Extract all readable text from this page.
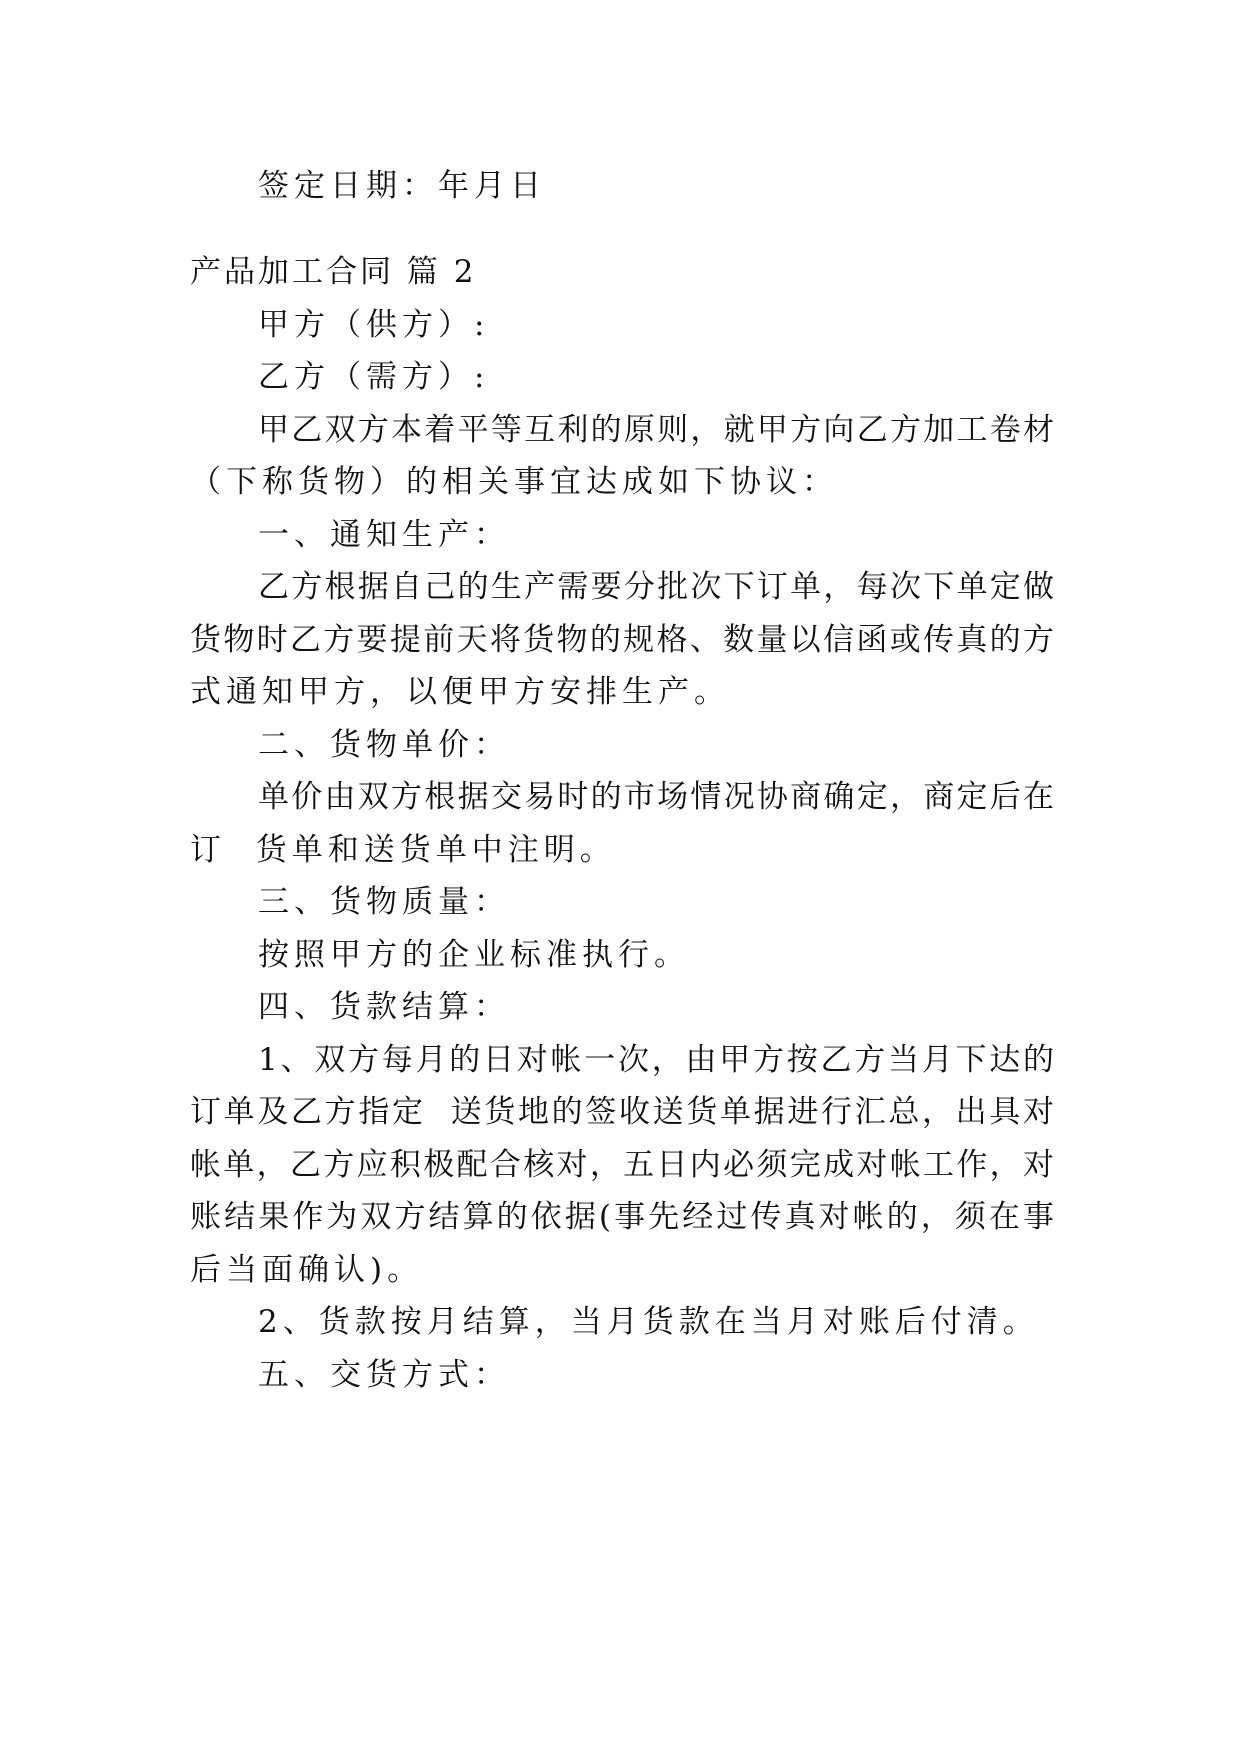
签定日期：年月日

产品加工合同 篇 2

甲方（供方）:

乙方（需方）:

甲乙双方本着平等互利的原则，就甲方向乙方加工卷材

（下称货物）的相关事宜达成如下协议：

一、通知生产：

乙方根据自己的生产需要分批次下订单，每次下单定做

货物时乙方要提前天将货物的规格、数量以信函或传真的方

式通知甲方，以便甲方安排生产。

二、货物单价：

单价由双方根据交易时的市场情况协商确定，商定后在

订  货单和送货单中注明。

三、货物质量：

按照甲方的企业标准执行。

四、货款结算：

1、双方每月的日对帐一次，由甲方按乙方当月下达的

订单及乙方指定  送货地的签收送货单据进行汇总，出具对

帐单，乙方应积极配合核对，五日内必须完成对帐工作，对

账结果作为双方结算的依据(事先经过传真对帐的，须在事

后当面确认)。

2、货款按月结算，当月货款在当月对账后付清。

五、交货方式：
